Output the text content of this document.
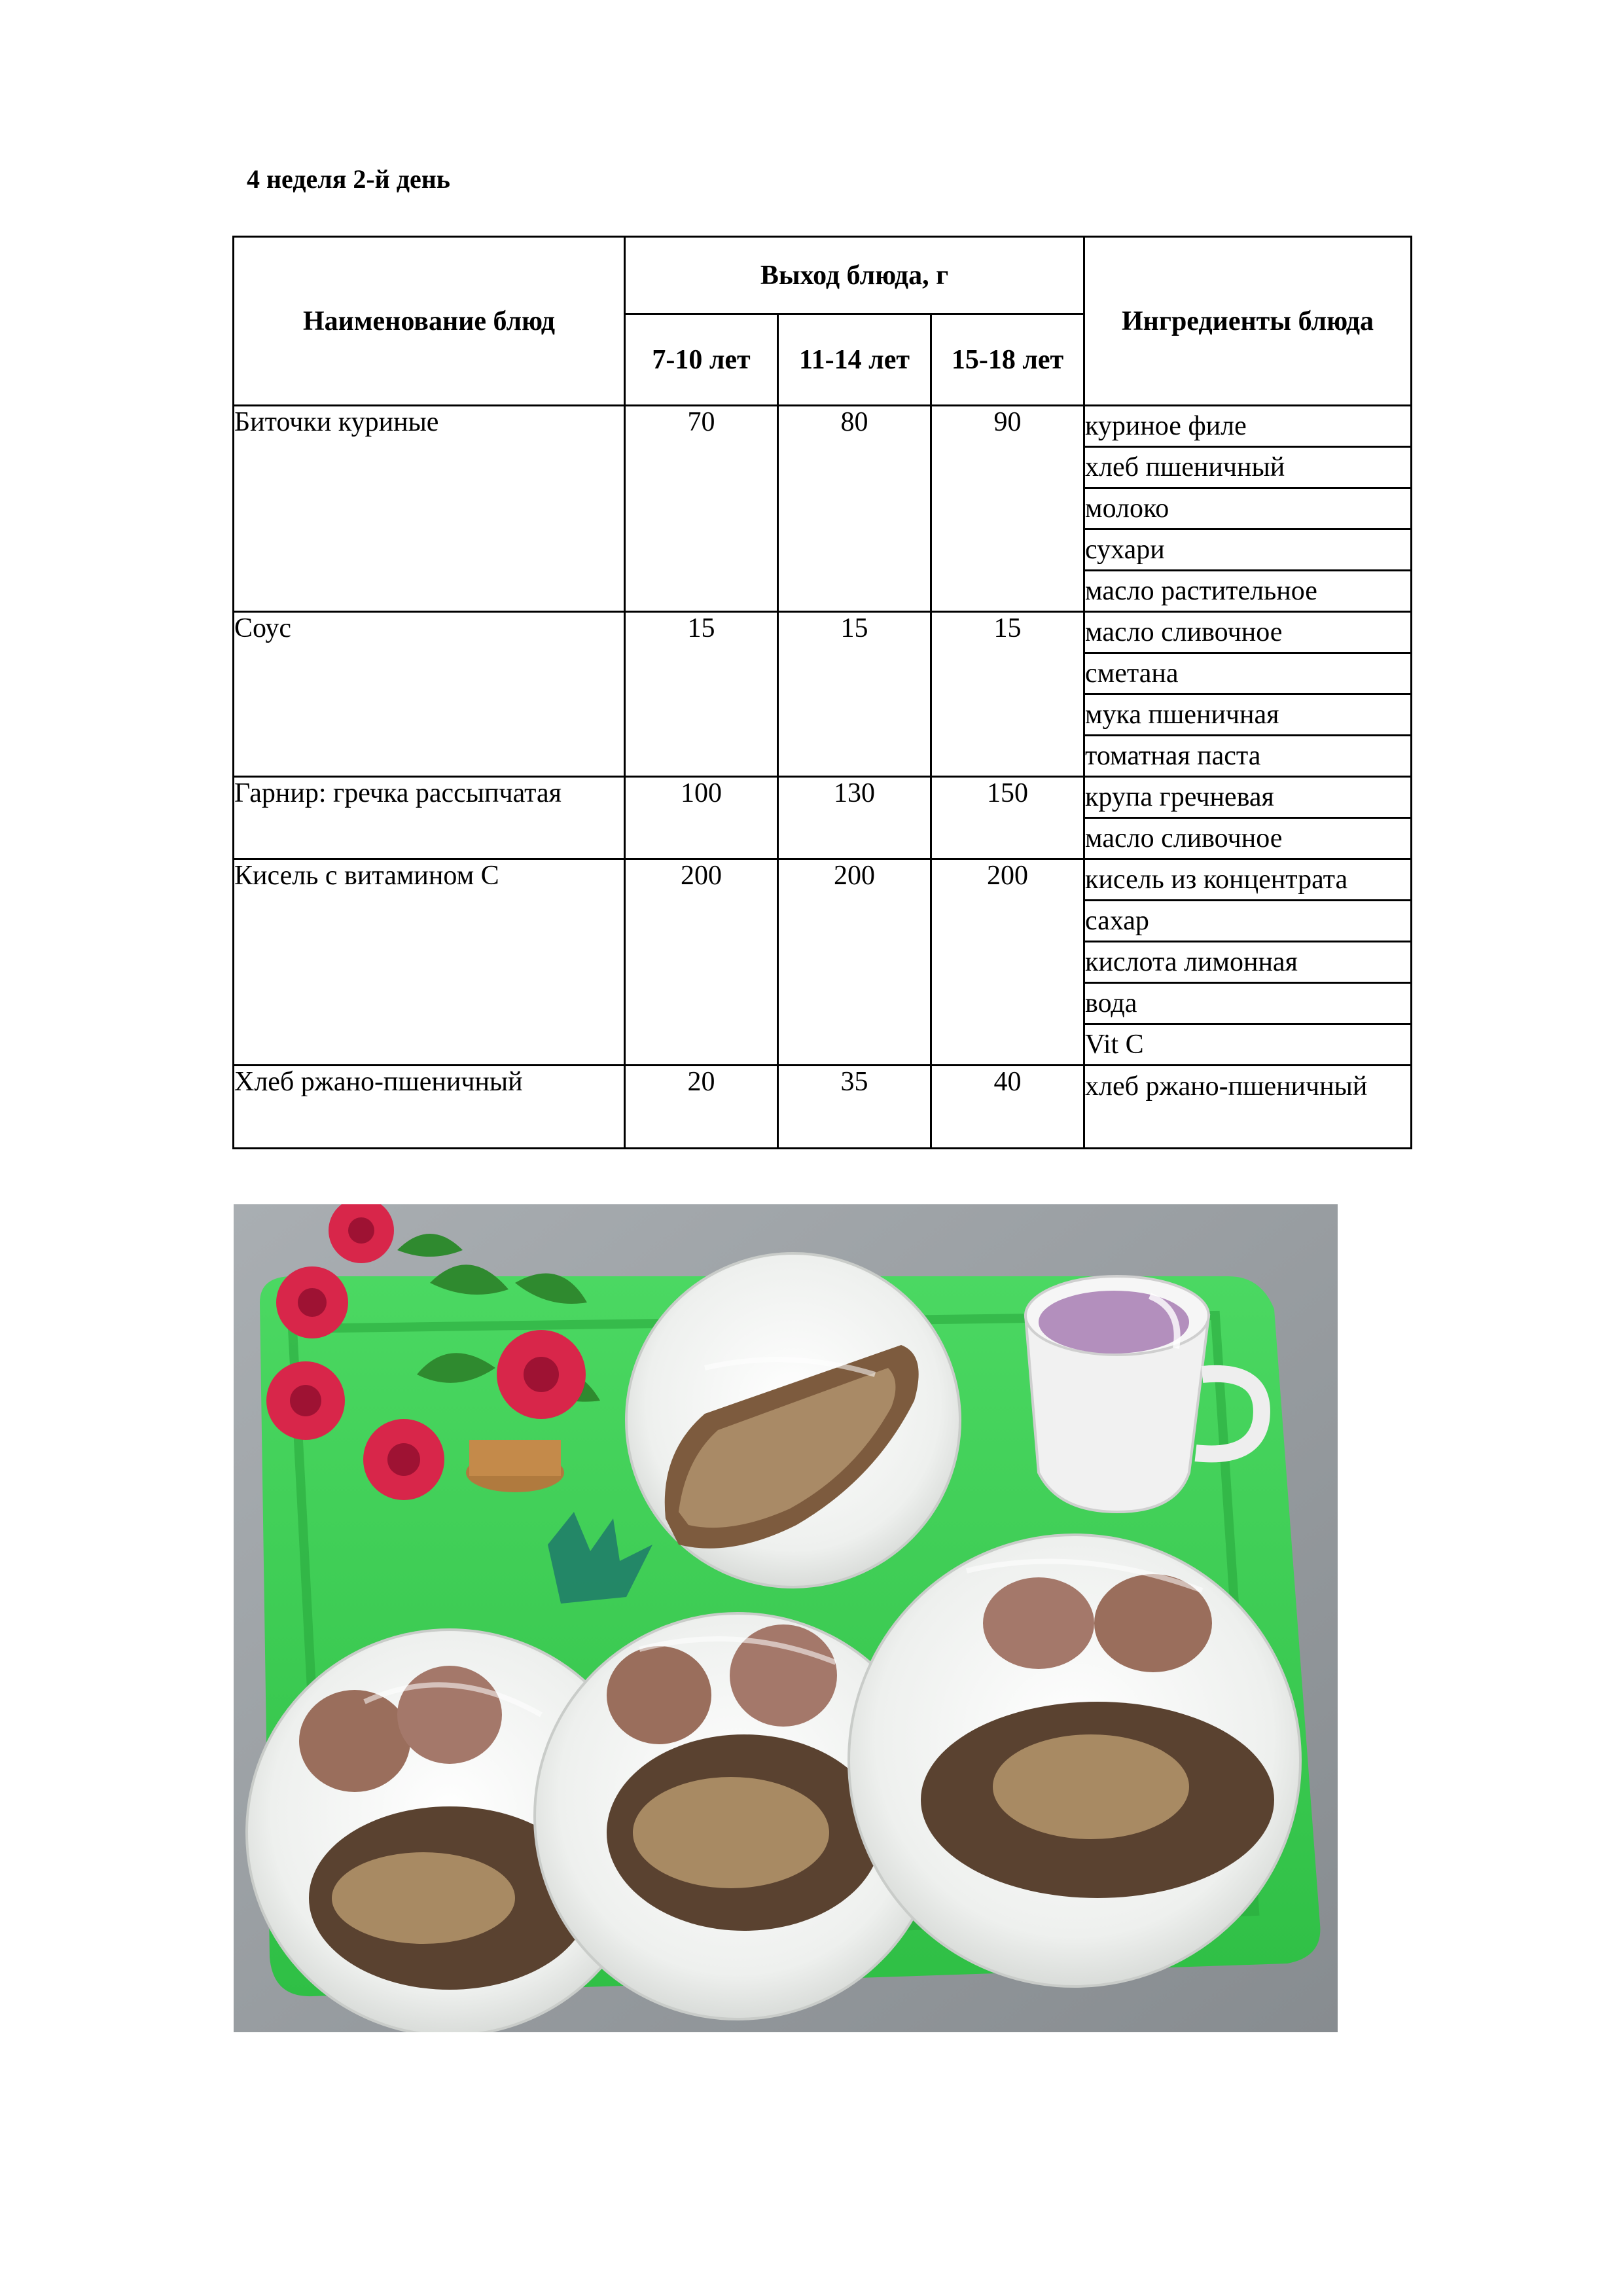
4 неделя 2-й день
Наименование блюд	Выход блюда, г			Ингредиенты блюда
	7-10 лет	11-14 лет	15-18 лет	
Биточки куриные	70	80	90	куриное филе
				хлеб пшеничный
				молоко
				сухари
				масло растительное
Соус	15	15	15	масло сливочное
				сметана
				мука пшеничная
				томатная паста
Гарнир: гречка рассыпчатая	100	130	150	крупа гречневая
				масло сливочное
Кисель с витамином С	200	200	200	кисель из концентрата
				сахар
				кислота лимонная
				вода
				Vit C
Хлеб ржано-пшеничный	20	35	40	хлеб ржано-пшеничный
